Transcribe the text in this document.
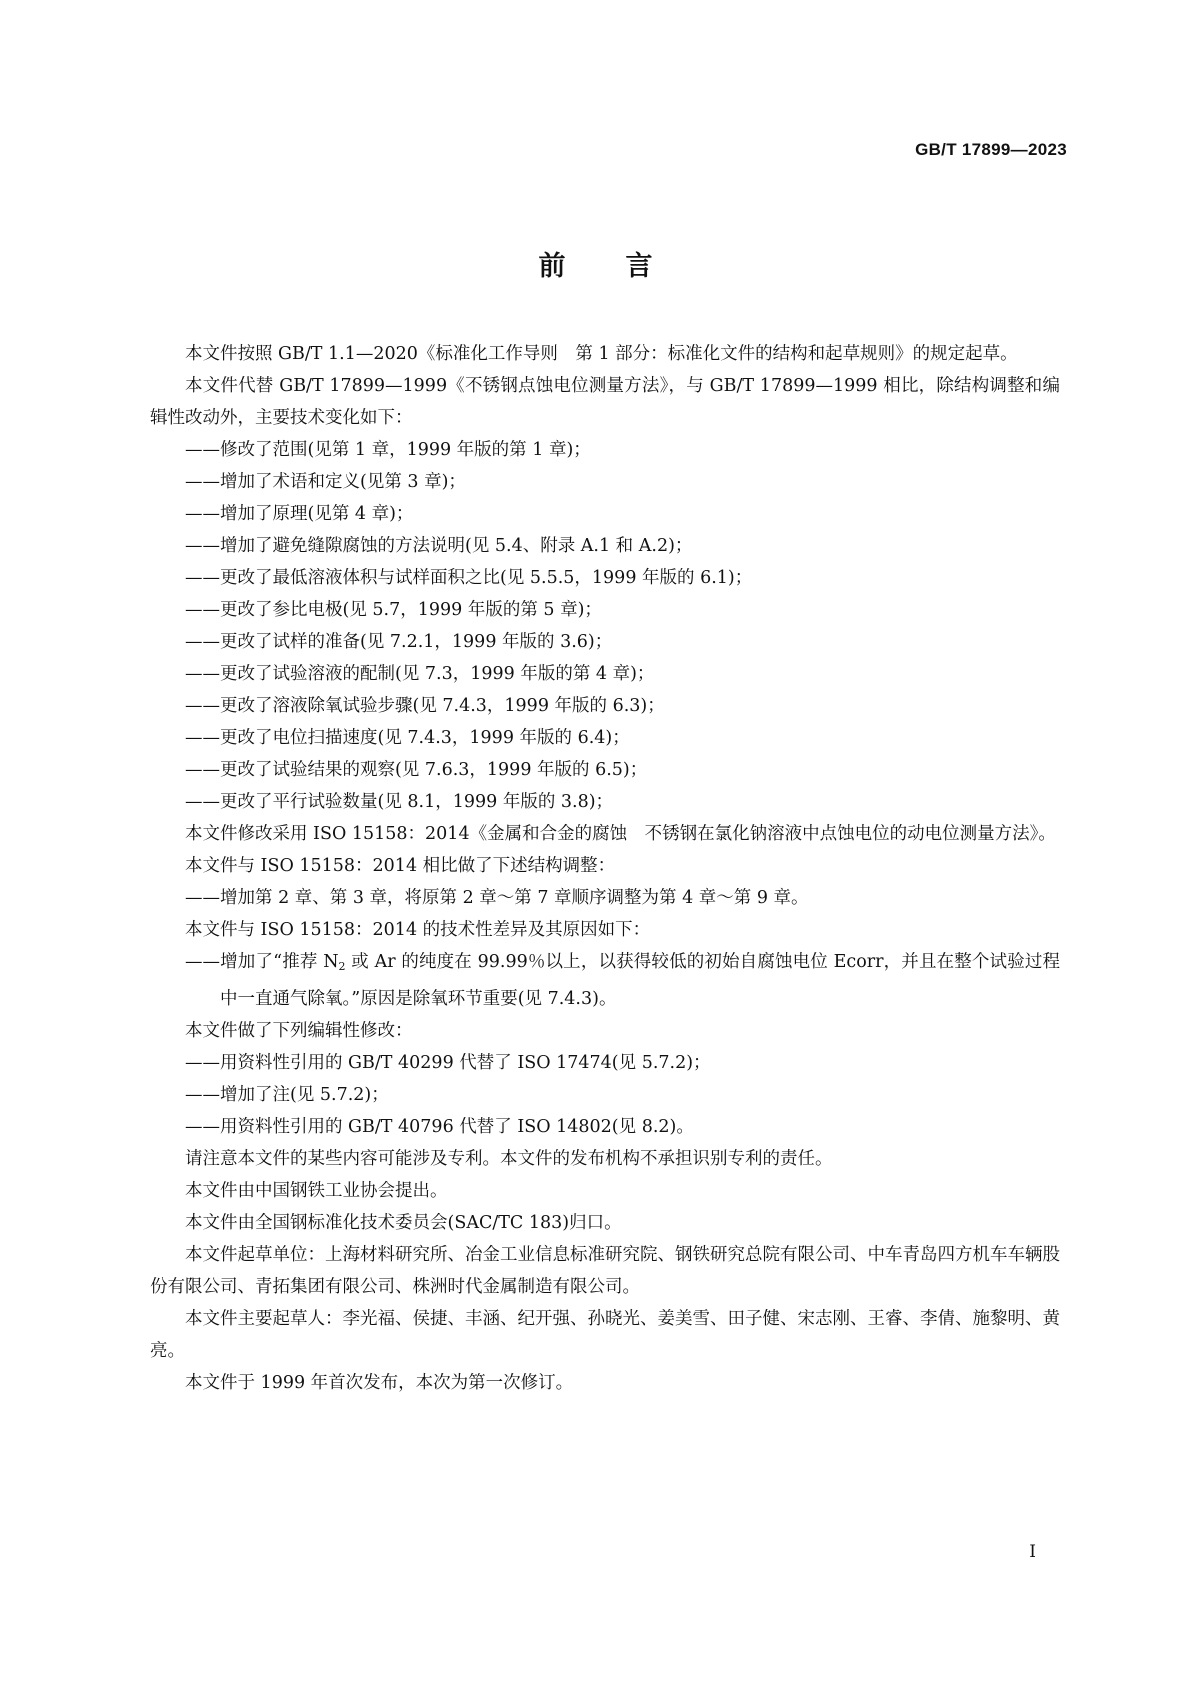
GB/T 17899—2023
前言

本文件按照 GB/T 1.1—2020《标准化工作导则　第 1 部分：标准化文件的结构和起草规则》的规定起草。

本文件代替 GB/T 17899—1999《不锈钢点蚀电位测量方法》，与 GB/T 17899—1999 相比，除结构调整和编辑性改动外，主要技术变化如下：

——修改了范围(见第 1 章，1999 年版的第 1 章)；

——增加了术语和定义(见第 3 章)；

——增加了原理(见第 4 章)；

——增加了避免缝隙腐蚀的方法说明(见 5.4、附录 A.1 和 A.2)；

——更改了最低溶液体积与试样面积之比(见 5.5.5，1999 年版的 6.1)；

——更改了参比电极(见 5.7，1999 年版的第 5 章)；

——更改了试样的准备(见 7.2.1，1999 年版的 3.6)；

——更改了试验溶液的配制(见 7.3，1999 年版的第 4 章)；

——更改了溶液除氧试验步骤(见 7.4.3，1999 年版的 6.3)；

——更改了电位扫描速度(见 7.4.3，1999 年版的 6.4)；

——更改了试验结果的观察(见 7.6.3，1999 年版的 6.5)；

——更改了平行试验数量(见 8.1，1999 年版的 3.8)；

本文件修改采用 ISO 15158：2014《金属和合金的腐蚀　不锈钢在氯化钠溶液中点蚀电位的动电位测量方法》。

本文件与 ISO 15158：2014 相比做了下述结构调整：

——增加第 2 章、第 3 章，将原第 2 章～第 7 章顺序调整为第 4 章～第 9 章。

本文件与 ISO 15158：2014 的技术性差异及其原因如下：

——增加了“推荐 $N_2$ 或 Ar 的纯度在 99.99％以上，以获得较低的初始自腐蚀电位 Ecorr，并且在整个试验过程中一直通气除氧。”原因是除氧环节重要(见 7.4.3)。

本文件做了下列编辑性修改：

——用资料性引用的 GB/T 40299 代替了 ISO 17474(见 5.7.2)；

——增加了注(见 5.7.2)；

——用资料性引用的 GB/T 40796 代替了 ISO 14802(见 8.2)。

请注意本文件的某些内容可能涉及专利。本文件的发布机构不承担识别专利的责任。

本文件由中国钢铁工业协会提出。

本文件由全国钢标准化技术委员会(SAC/TC 183)归口。

本文件起草单位：上海材料研究所、冶金工业信息标准研究院、钢铁研究总院有限公司、中车青岛四方机车车辆股份有限公司、青拓集团有限公司、株洲时代金属制造有限公司。

本文件主要起草人：李光福、侯捷、丰涵、纪开强、孙晓光、姜美雪、田子健、宋志刚、王睿、李倩、施黎明、黄亮。

本文件于 1999 年首次发布，本次为第一次修订。

I
